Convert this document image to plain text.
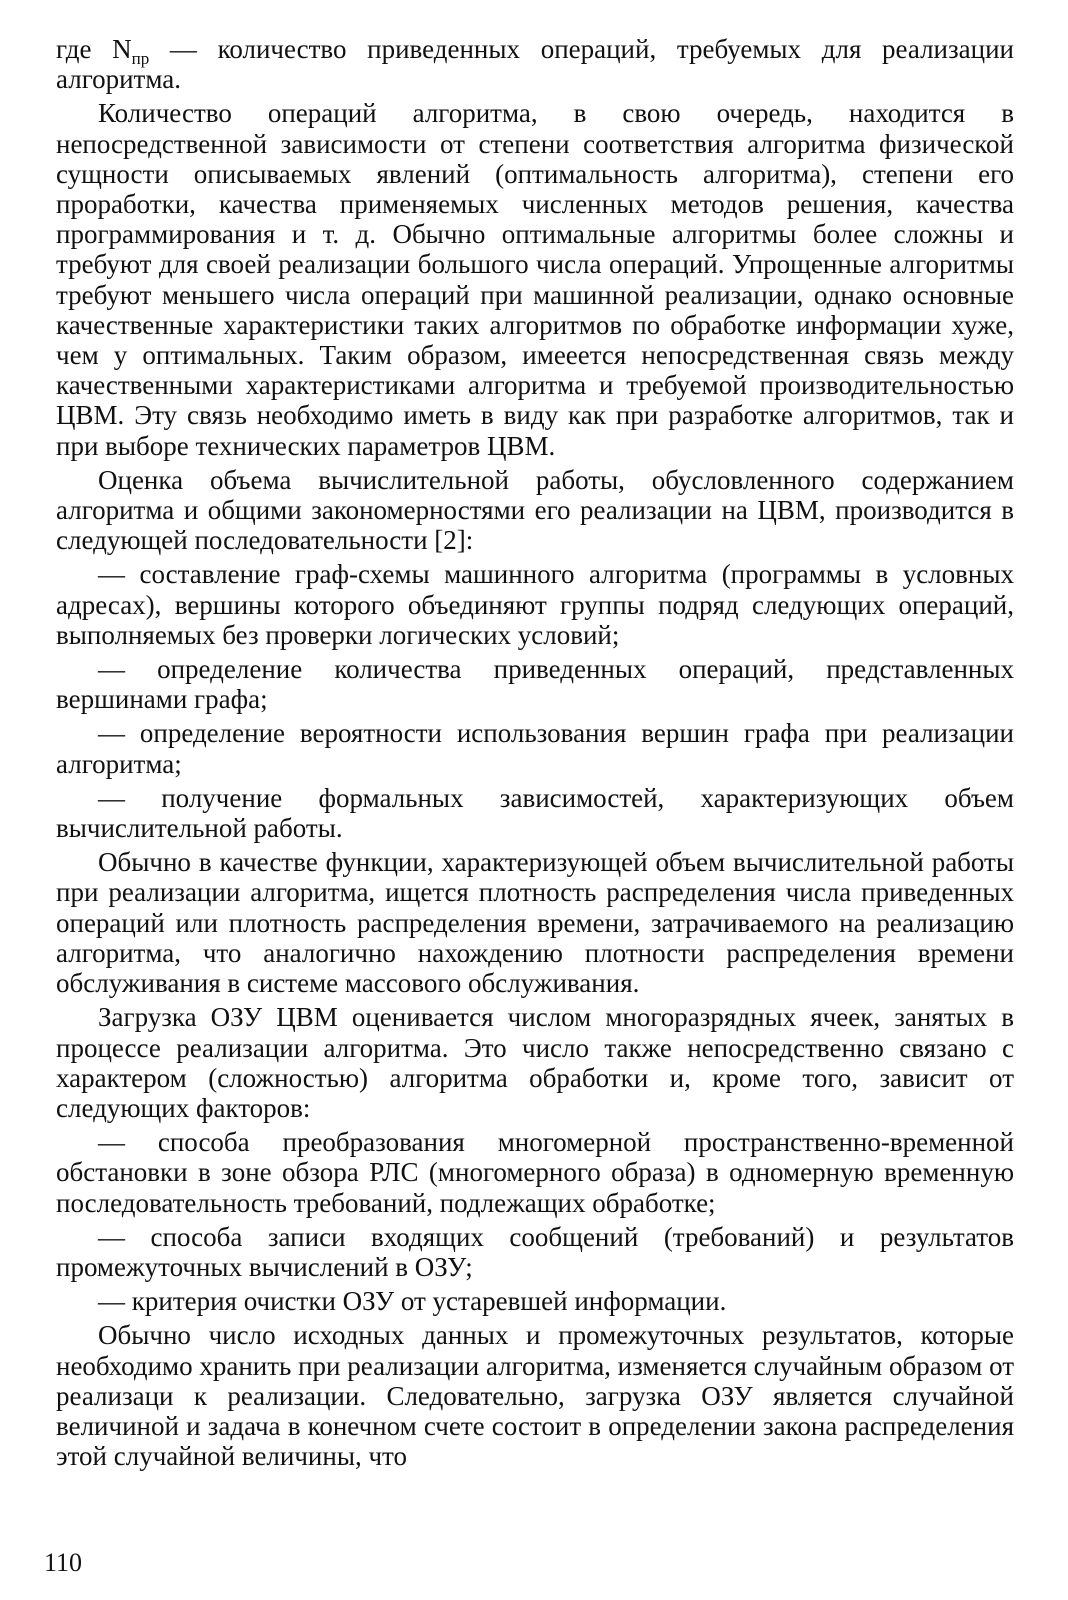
где $N_{пр}$ — количество приведенных операций, требуемых для реализации алгоритма.

Количество операций алгоритма, в свою очередь, находится в непосредственной зависимости от степени соответствия алгоритма физической сущности описываемых явлений (оптимальность алгоритма), степени его проработки, качества применяемых численных методов решения, качества программирования и т. д. Обычно оптимальные алгоритмы более сложны и требуют для своей реализации большого числа операций. Упрощенные алгоритмы требуют меньшего числа операций при машинной реализации, однако основные качественные характеристики таких алгоритмов по обработке информации хуже, чем у оптимальных. Таким образом, имееется непосредственная связь между качественными характеристиками алгоритма и требуемой производительностью ЦВМ. Эту связь необходимо иметь в виду как при разработке алгоритмов, так и при выборе технических параметров ЦВМ.

Оценка объема вычислительной работы, обусловленного содержанием алгоритма и общими закономерностями его реализации на ЦВМ, производится в следующей последовательности [2]:

— составление граф-схемы машинного алгоритма (программы в условных адресах), вершины которого объединяют группы подряд следующих операций, выполняемых без проверки логических условий;

— определение количества приведенных операций, представленных вершинами графа;

— определение вероятности использования вершин графа при реализации алгоритма;

— получение формальных зависимостей, характеризующих объем вычислительной работы.

Обычно в качестве функции, характеризующей объем вычислительной работы при реализации алгоритма, ищется плотность распределения числа приведенных операций или плотность распределения времени, затрачиваемого на реализацию алгоритма, что аналогично нахождению плотности распределения времени обслуживания в системе массового обслуживания.

Загрузка ОЗУ ЦВМ оценивается числом многоразрядных ячеек, занятых в процессе реализации алгоритма. Это число также непосредственно связано с характером (сложностью) алгоритма обработки и, кроме того, зависит от следующих факторов:

— способа преобразования многомерной пространственно-временной обстановки в зоне обзора РЛС (многомерного образа) в одномерную временную последовательность требований, подлежащих обработке;

— способа записи входящих сообщений (требований) и результатов промежуточных вычислений в ОЗУ;

— критерия очистки ОЗУ от устаревшей информации.

Обычно число исходных данных и промежуточных результатов, которые необходимо хранить при реализации алгоритма, изменяется случайным образом от реализаци к реализации. Следовательно, загрузка ОЗУ является случайной величиной и задача в конечном счете состоит в определении закона распределения этой случайной величины, что

110
